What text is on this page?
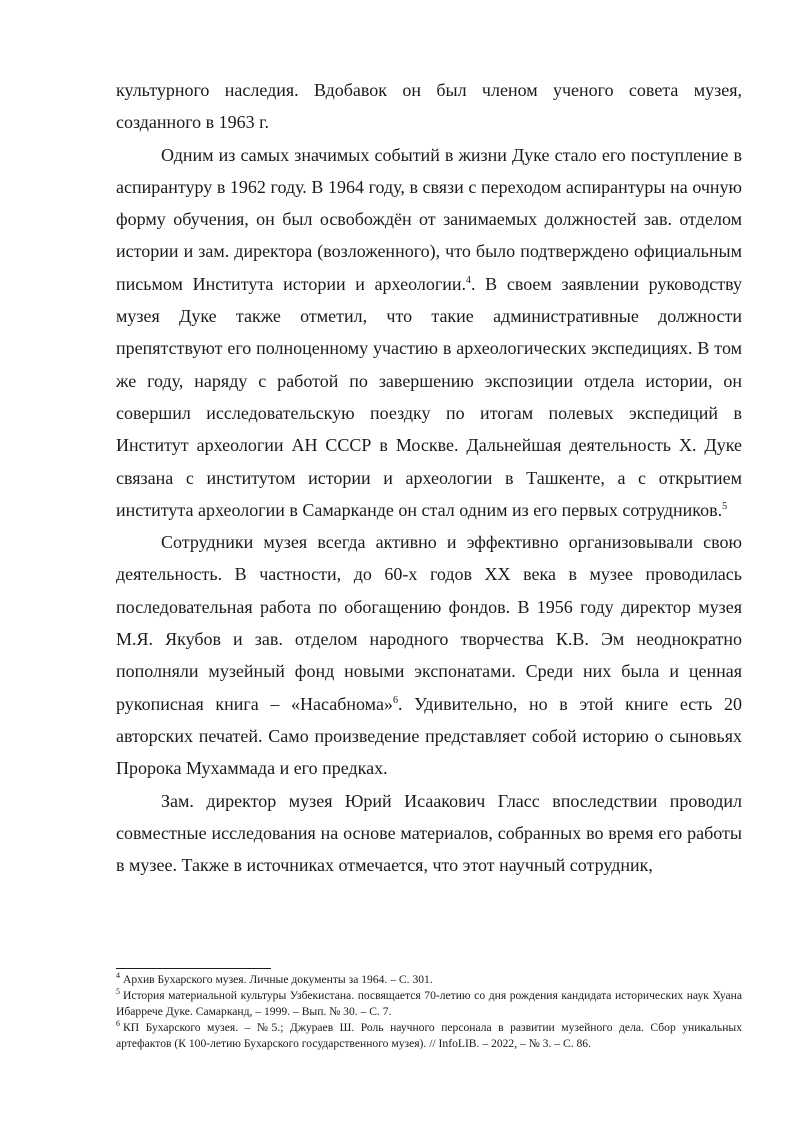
культурного наследия. Вдобавок он был членом ученого совета музея, созданного в 1963 г.

Одним из самых значимых событий в жизни Дуке стало его поступление в аспирантуру в 1962 году. В 1964 году, в связи с переходом аспирантуры на очную форму обучения, он был освобождён от занимаемых должностей зав. отделом истории и зам. директора (возложенного), что было подтверждено официальным письмом Института истории и археологии.$^4$. В своем заявлении руководству музея Дуке также отметил, что такие административные должности препятствуют его полноценному участию в археологических экспедициях. В том же году, наряду с работой по завершению экспозиции отдела истории, он совершил исследовательскую поездку по итогам полевых экспедиций в Институт археологии АН СССР в Москве. Дальнейшая деятельность Х. Дуке связана с институтом истории и археологии в Ташкенте, а с открытием института археологии в Самарканде он стал одним из его первых сотрудников.$^5$

Сотрудники музея всегда активно и эффективно организовывали свою деятельность. В частности, до 60-х годов XX века в музее проводилась последовательная работа по обогащению фондов. В 1956 году директор музея М.Я. Якубов и зав. отделом народного творчества К.В. Эм неоднократно пополняли музейный фонд новыми экспонатами. Среди них была и ценная рукописная книга – «Насабнома»$^6$. Удивительно, но в этой книге есть 20 авторских печатей. Само произведение представляет собой историю о сыновьях Пророка Мухаммада и его предках.

Зам. директор музея Юрий Исаакович Гласс впоследствии проводил совместные исследования на основе материалов, собранных во время его работы в музее. Также в источниках отмечается, что этот научный сотрудник,

$^4$ Архив Бухарского музея. Личные документы за 1964. – С. 301.

$^5$ История материальной культуры Узбекистана. посвящается 70-летию со дня рождения кандидата исторических наук Хуана Ибаррече Дуке. Самарканд, – 1999. – Вып. № 30. – С. 7.

$^6$ КП Бухарского музея. – №5.; Джураев Ш. Роль научного персонала в развитии музейного дела. Сбор уникальных артефактов (К 100-летию Бухарского государственного музея). // InfoLIB. – 2022, – № 3. – С. 86.
